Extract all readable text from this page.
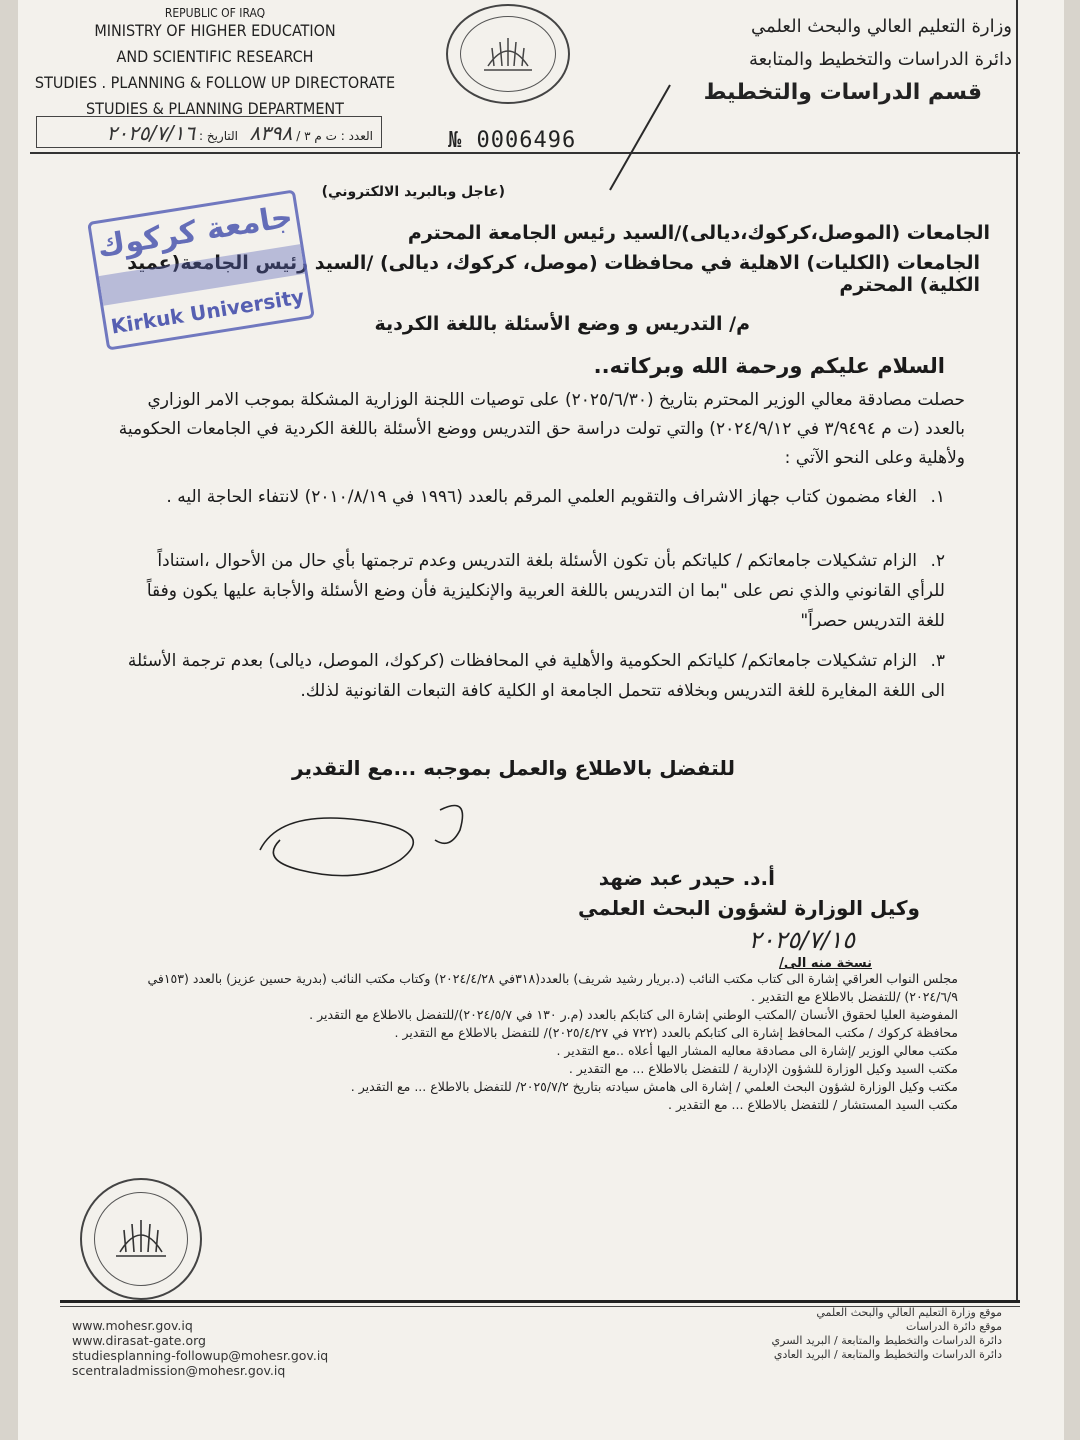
REPUBLIC OF IRAQ
MINISTRY OF HIGHER EDUCATION
AND SCIENTIFIC RESEARCH
STUDIES . PLANNING & FOLLOW UP DIRECTORATE
STUDIES & PLANNING DEPARTMENT
وزارة التعليم العالي والبحث العلمي
دائرة الدراسات والتخطيط والمتابعة
قسم الدراسات والتخطيط
العدد : ت م ٣ / ٨٣٩٨   التاريخ : ٢٠٢٥/٧/١٦	№ 0006496
(عاجل وبالبريد الالكتروني)
الجامعات (الموصل،كركوك،ديالى)/السيد رئيس الجامعة المحترم
الجامعات (الكليات) الاهلية في محافظات (موصل، كركوك، ديالى) /السيد رئيس الجامعة(عميد الكلية) المحترم
جامعة كركوك
Kirkuk University	م/ التدريس و وضع الأسئلة باللغة الكردية
السلام عليكم ورحمة الله وبركاته..
حصلت مصادقة معالي الوزير المحترم بتاريخ (٢٠٢٥/٦/٣٠) على توصيات اللجنة الوزارية المشكلة بموجب الامر الوزاري بالعدد (ت م ٣/٩٤٩٤ في ٢٠٢٤/٩/١٢) والتي تولت دراسة حق التدريس ووضع الأسئلة باللغة الكردية في الجامعات الحكومية ولأهلية وعلى النحو الآتي :
١.الغاء مضمون كتاب جهاز الاشراف والتقويم العلمي المرقم بالعدد (١٩٩٦ في ٢٠١٠/٨/١٩) لانتفاء الحاجة اليه .
٢.الزام تشكيلات جامعاتكم / كلياتكم بأن تكون الأسئلة بلغة التدريس وعدم ترجمتها بأي حال من الأحوال ،استناداً للرأي القانوني والذي نص على "بما ان التدريس باللغة العربية والإنكليزية فأن وضع الأسئلة والأجابة عليها يكون وفقاً للغة التدريس حصراً"
٣.الزام تشكيلات جامعاتكم/ كلياتكم الحكومية والأهلية في المحافظات (كركوك، الموصل، ديالى) بعدم ترجمة الأسئلة الى اللغة المغايرة للغة التدريس وبخلافه تتحمل الجامعة او الكلية كافة التبعات القانونية لذلك.
للتفضل بالاطلاع والعمل بموجبه ...مع التقدير
أ.د. حيدر عبد ضهد
وكيل الوزارة لشؤون البحث العلمي
٢٠٢٥/٧/١٥
نسخة منه الى/
مجلس النواب العراقي إشارة الى كتاب مكتب النائب (د.بريار رشيد شريف) بالعدد(٣١٨في ٢٠٢٤/٤/٢٨) وكتاب مكتب النائب (بدرية حسين عزيز) بالعدد (١٥٣في ٢٠٢٤/٦/٩) /للتفضل بالاطلاع مع التقدير .
المفوضية العليا لحقوق الأنسان /المكتب الوطني إشارة الى كتابكم بالعدد (م.ر ١٣٠ في ٢٠٢٤/٥/٧)/للتفضل بالاطلاع مع التقدير .
محافظة كركوك / مكتب المحافظ إشارة الى كتابكم بالعدد (٧٢٢ في ٢٠٢٥/٤/٢٧)/ للتفضل بالاطلاع مع التقدير .
مكتب معالي الوزير /إشارة الى مصادقة معاليه المشار اليها أعلاه ..مع التقدير .
مكتب السيد وكيل الوزارة للشؤون الإدارية / للتفضل بالاطلاع ... مع التقدير .
مكتب وكيل الوزارة لشؤون البحث العلمي / إشارة الى هامش سيادته بتاريخ ٢٠٢٥/٧/٢/ للتفضل بالاطلاع ... مع التقدير .
مكتب السيد المستشار / للتفضل بالاطلاع ... مع التقدير .
www.mohesr.gov.iq
www.dirasat-gate.org
studiesplanning-followup@mohesr.gov.iq
scentraladmission@mohesr.gov.iq
موقع وزارة التعليم العالي والبحث العلمي
موقع دائرة الدراسات
دائرة الدراسات والتخطيط والمتابعة / البريد السري
دائرة الدراسات والتخطيط والمتابعة / البريد العادي
